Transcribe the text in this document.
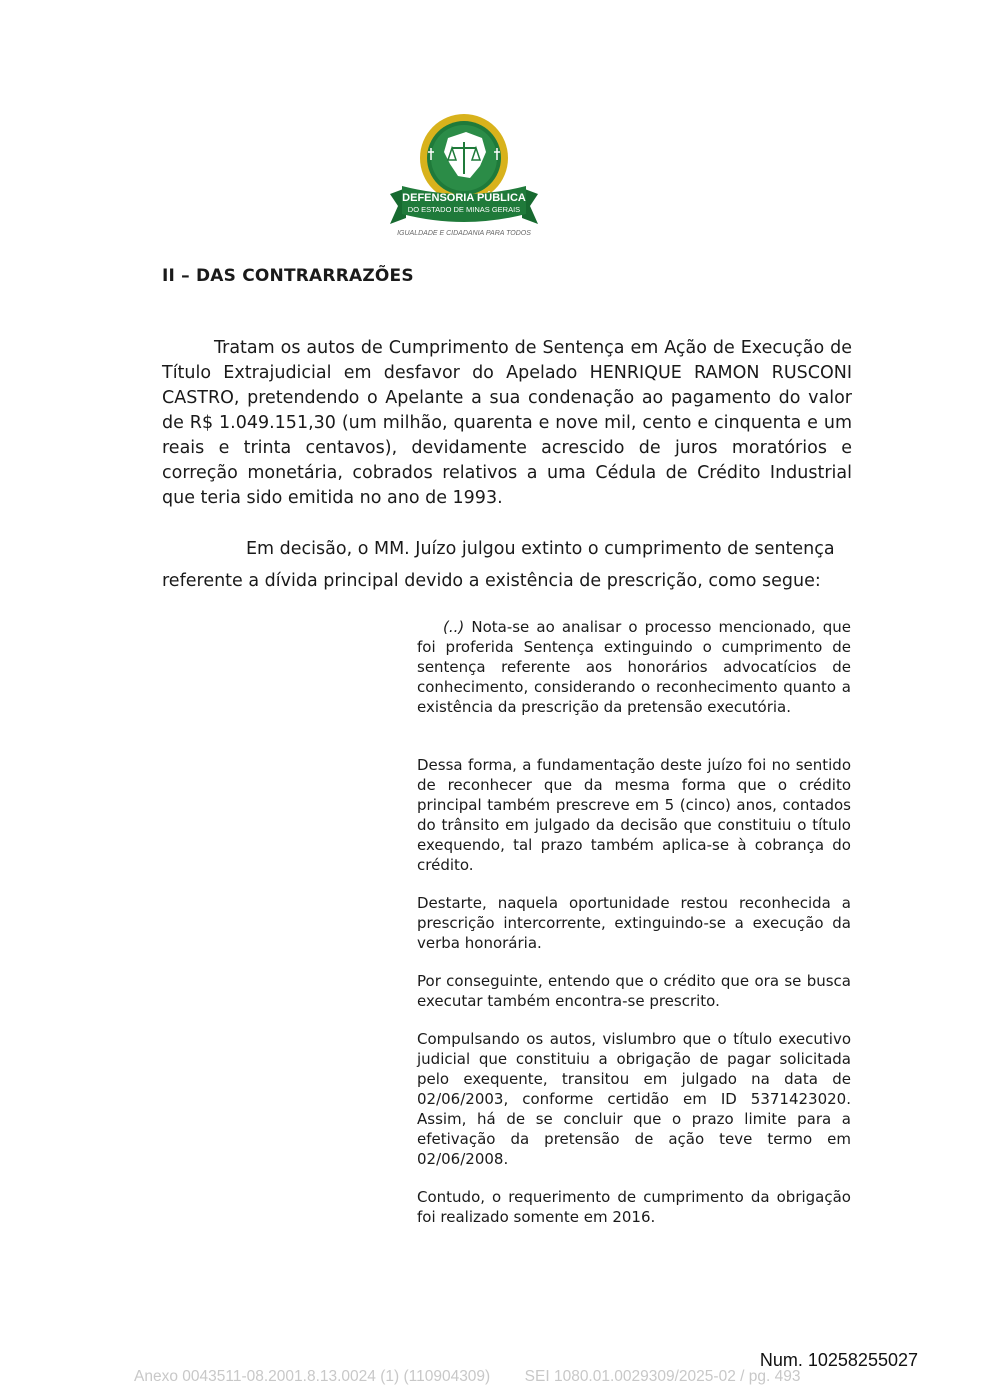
DEFENSORIA PÚBLICA
DO ESTADO DE MINAS GERAIS
IGUALDADE E CIDADANIA PARA TODOS
II – DAS CONTRARRAZÕES
Tratam os autos de Cumprimento de Sentença em Ação de Execução de Título Extrajudicial em desfavor do Apelado HENRIQUE RAMON RUSCONI CASTRO, pretendendo o Apelante a sua condenação ao pagamento do valor de R$ 1.049.151,30 (um milhão, quarenta e nove mil, cento e cinquenta e um reais e trinta centavos), devidamente acrescido de juros moratórios e correção monetária, cobrados relativos a uma Cédula de Crédito Industrial que teria sido emitida no ano de 1993.
Em decisão, o MM. Juízo julgou extinto o cumprimento de sentença referente a dívida principal devido a existência de prescrição, como segue:
(..) Nota-se ao analisar o processo mencionado, que foi proferida Sentença extinguindo o cumprimento de sentença referente aos honorários advocatícios de conhecimento, considerando o reconhecimento quanto a existência da prescrição da pretensão executória.
Dessa forma, a fundamentação deste juízo foi no sentido de reconhecer que da mesma forma que o crédito principal também prescreve em 5 (cinco) anos, contados do trânsito em julgado da decisão que constituiu o título exequendo, tal prazo também aplica-se à cobrança do crédito.
Destarte, naquela oportunidade restou reconhecida a prescrição intercorrente, extinguindo-se a execução da verba honorária.
Por conseguinte, entendo que o crédito que ora se busca executar também encontra-se prescrito.
Compulsando os autos, vislumbro que o título executivo judicial que constituiu a obrigação de pagar solicitada pelo exequente, transitou em julgado na data de 02/06/2003, conforme certidão em ID 5371423020. Assim, há de se concluir que o prazo limite para a efetivação da pretensão de ação teve termo em 02/06/2008.
Contudo, o requerimento de cumprimento da obrigação foi realizado somente em 2016.
Num. 10258255027
Anexo 0043511-08.2001.8.13.0024 (1) (110904309)        SEI 1080.01.0029309/2025-02 / pg. 493
